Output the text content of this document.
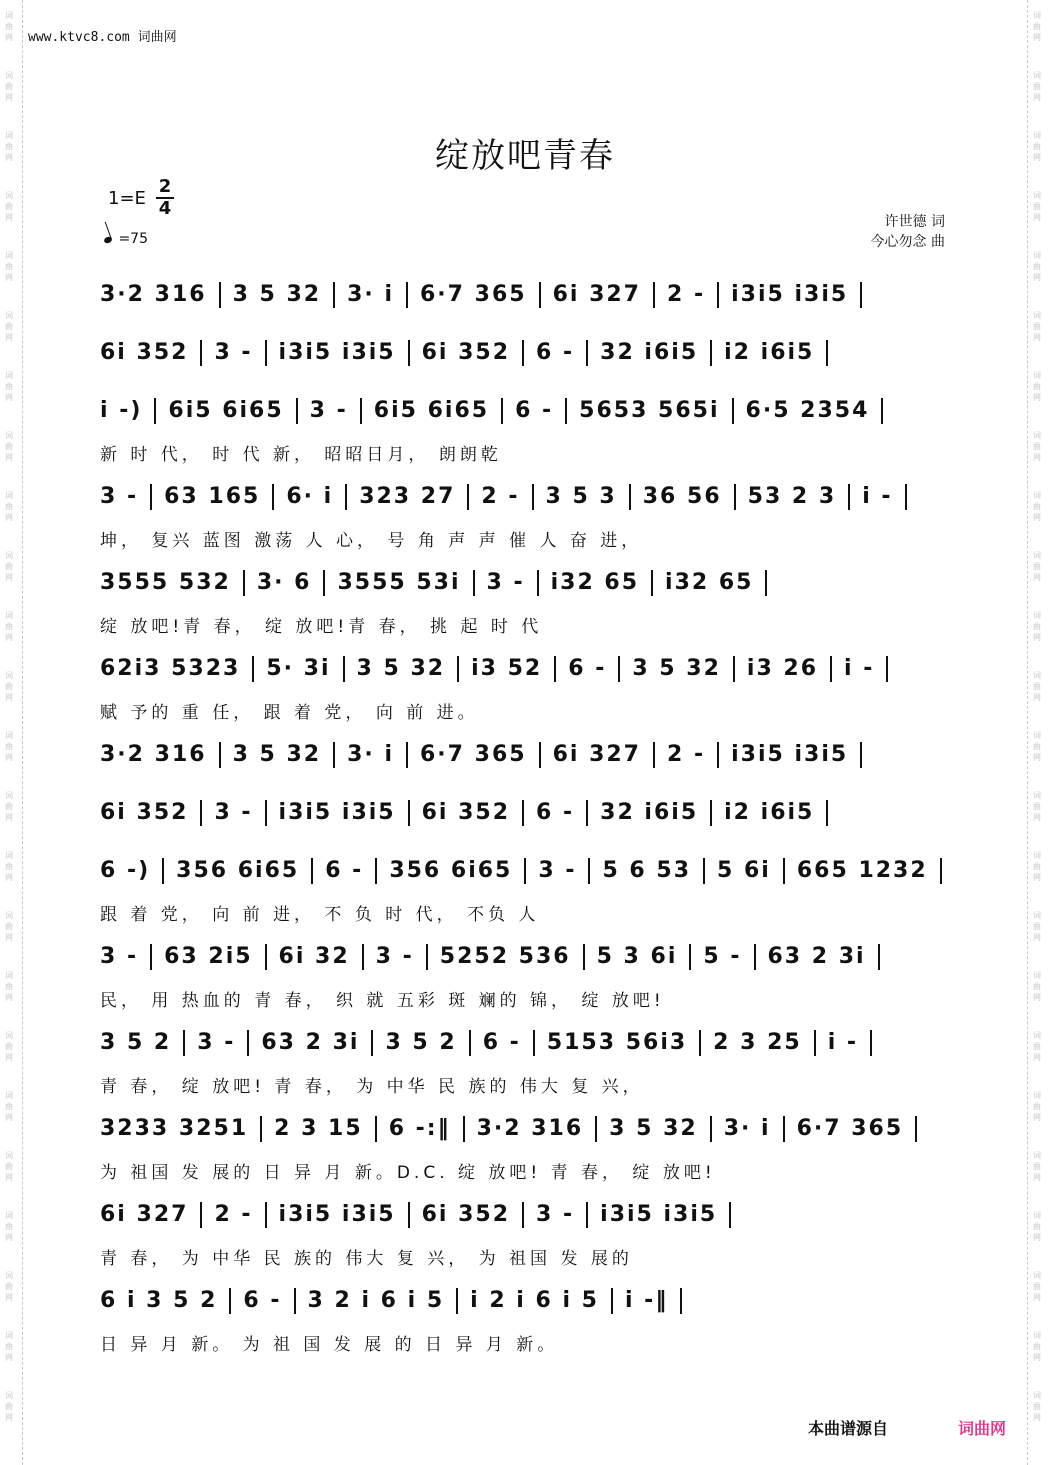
词
曲
网
词
曲
网
词
曲
网
词
曲
网
词
曲
网
词
曲
网
词
曲
网
词
曲
网
词
曲
网
词
曲
网
词
曲
网
词
曲
网
词
曲
网
词
曲
网
词
曲
网
词
曲
网
词
曲
网
词
曲
网
词
曲
网
词
曲
网
词
曲
网
词
曲
网
词
曲
网
词
曲
网
词
曲
网
词
曲
网
词
曲
网
词
曲
网
词
曲
网
词
曲
网
词
曲
网
词
曲
网
词
曲
网
词
曲
网
词
曲
网
词
曲
网
词
曲
网
词
曲
网
词
曲
网
词
曲
网
词
曲
网
词
曲
网
词
曲
网
词
曲
网
词
曲
网
词
曲
网
词
曲
网
词
曲
网
www.ktvc8.com 词曲网
绽放吧青春
1=E
2
4
=75
许世德 词
今心勿念 曲
3·2 316 3 5 32 3· i 6·7 365 6i 327 2 - i3i5 i3i5
6i 352 3 - i3i5 i3i5 6i 352 6 - 32 i6i5 i2 i6i5
i -) 6i5 6i65 3 - 6i5 6i65 6 - 5653 565i 6·5 2354
新 时 代， 时 代 新， 昭昭日月， 朗朗乾
3 - 63 165 6· i 323 27 2 - 3 5 3 36 56 53 2 3 i -
坤， 复兴 蓝图 激荡 人 心， 号 角 声 声 催 人 奋 进，
3555 532 3· 6 3555 53i 3 - i32 65 i32 65
绽 放吧!青 春， 绽 放吧!青 春， 挑 起 时 代
62i3 5323 5· 3i 3 5 32 i3 52 6 - 3 5 32 i3 26 i -
赋 予的 重 任， 跟 着 党， 向 前 进。
3·2 316 3 5 32 3· i 6·7 365 6i 327 2 - i3i5 i3i5
6i 352 3 - i3i5 i3i5 6i 352 6 - 32 i6i5 i2 i6i5
6 -) 356 6i65 6 - 356 6i65 3 - 5 6 53 5 6i 665 1232
跟 着 党， 向 前 进， 不 负 时 代， 不负 人
3 - 63 2i5 6i 32 3 - 5252 536 5 3 6i 5 - 63 2 3i
民， 用 热血的 青 春， 织 就 五彩 斑 斓的 锦， 绽 放吧!
3 5 2 3 - 63 2 3i 3 5 2 6 - 5153 56i3 2 3 25 i -
青 春， 绽 放吧! 青 春， 为 中华 民 族的 伟大 复 兴，
3233 3251 2 3 15 6 -:‖ 3·2 316 3 5 32 3· i 6·7 365
为 祖国 发 展的 日 异 月 新。D.C. 绽 放吧! 青 春， 绽 放吧!
6i 327 2 - i3i5 i3i5 6i 352 3 - i3i5 i3i5
青 春， 为 中华 民 族的 伟大 复 兴， 为 祖国 发 展的
6 i 3 5 2 6 - 3 2 i 6 i 5 i 2 i 6 i 5 i -‖
日 异 月 新。 为 祖 国 发 展 的 日 异 月 新。
本曲谱源自	词曲网
